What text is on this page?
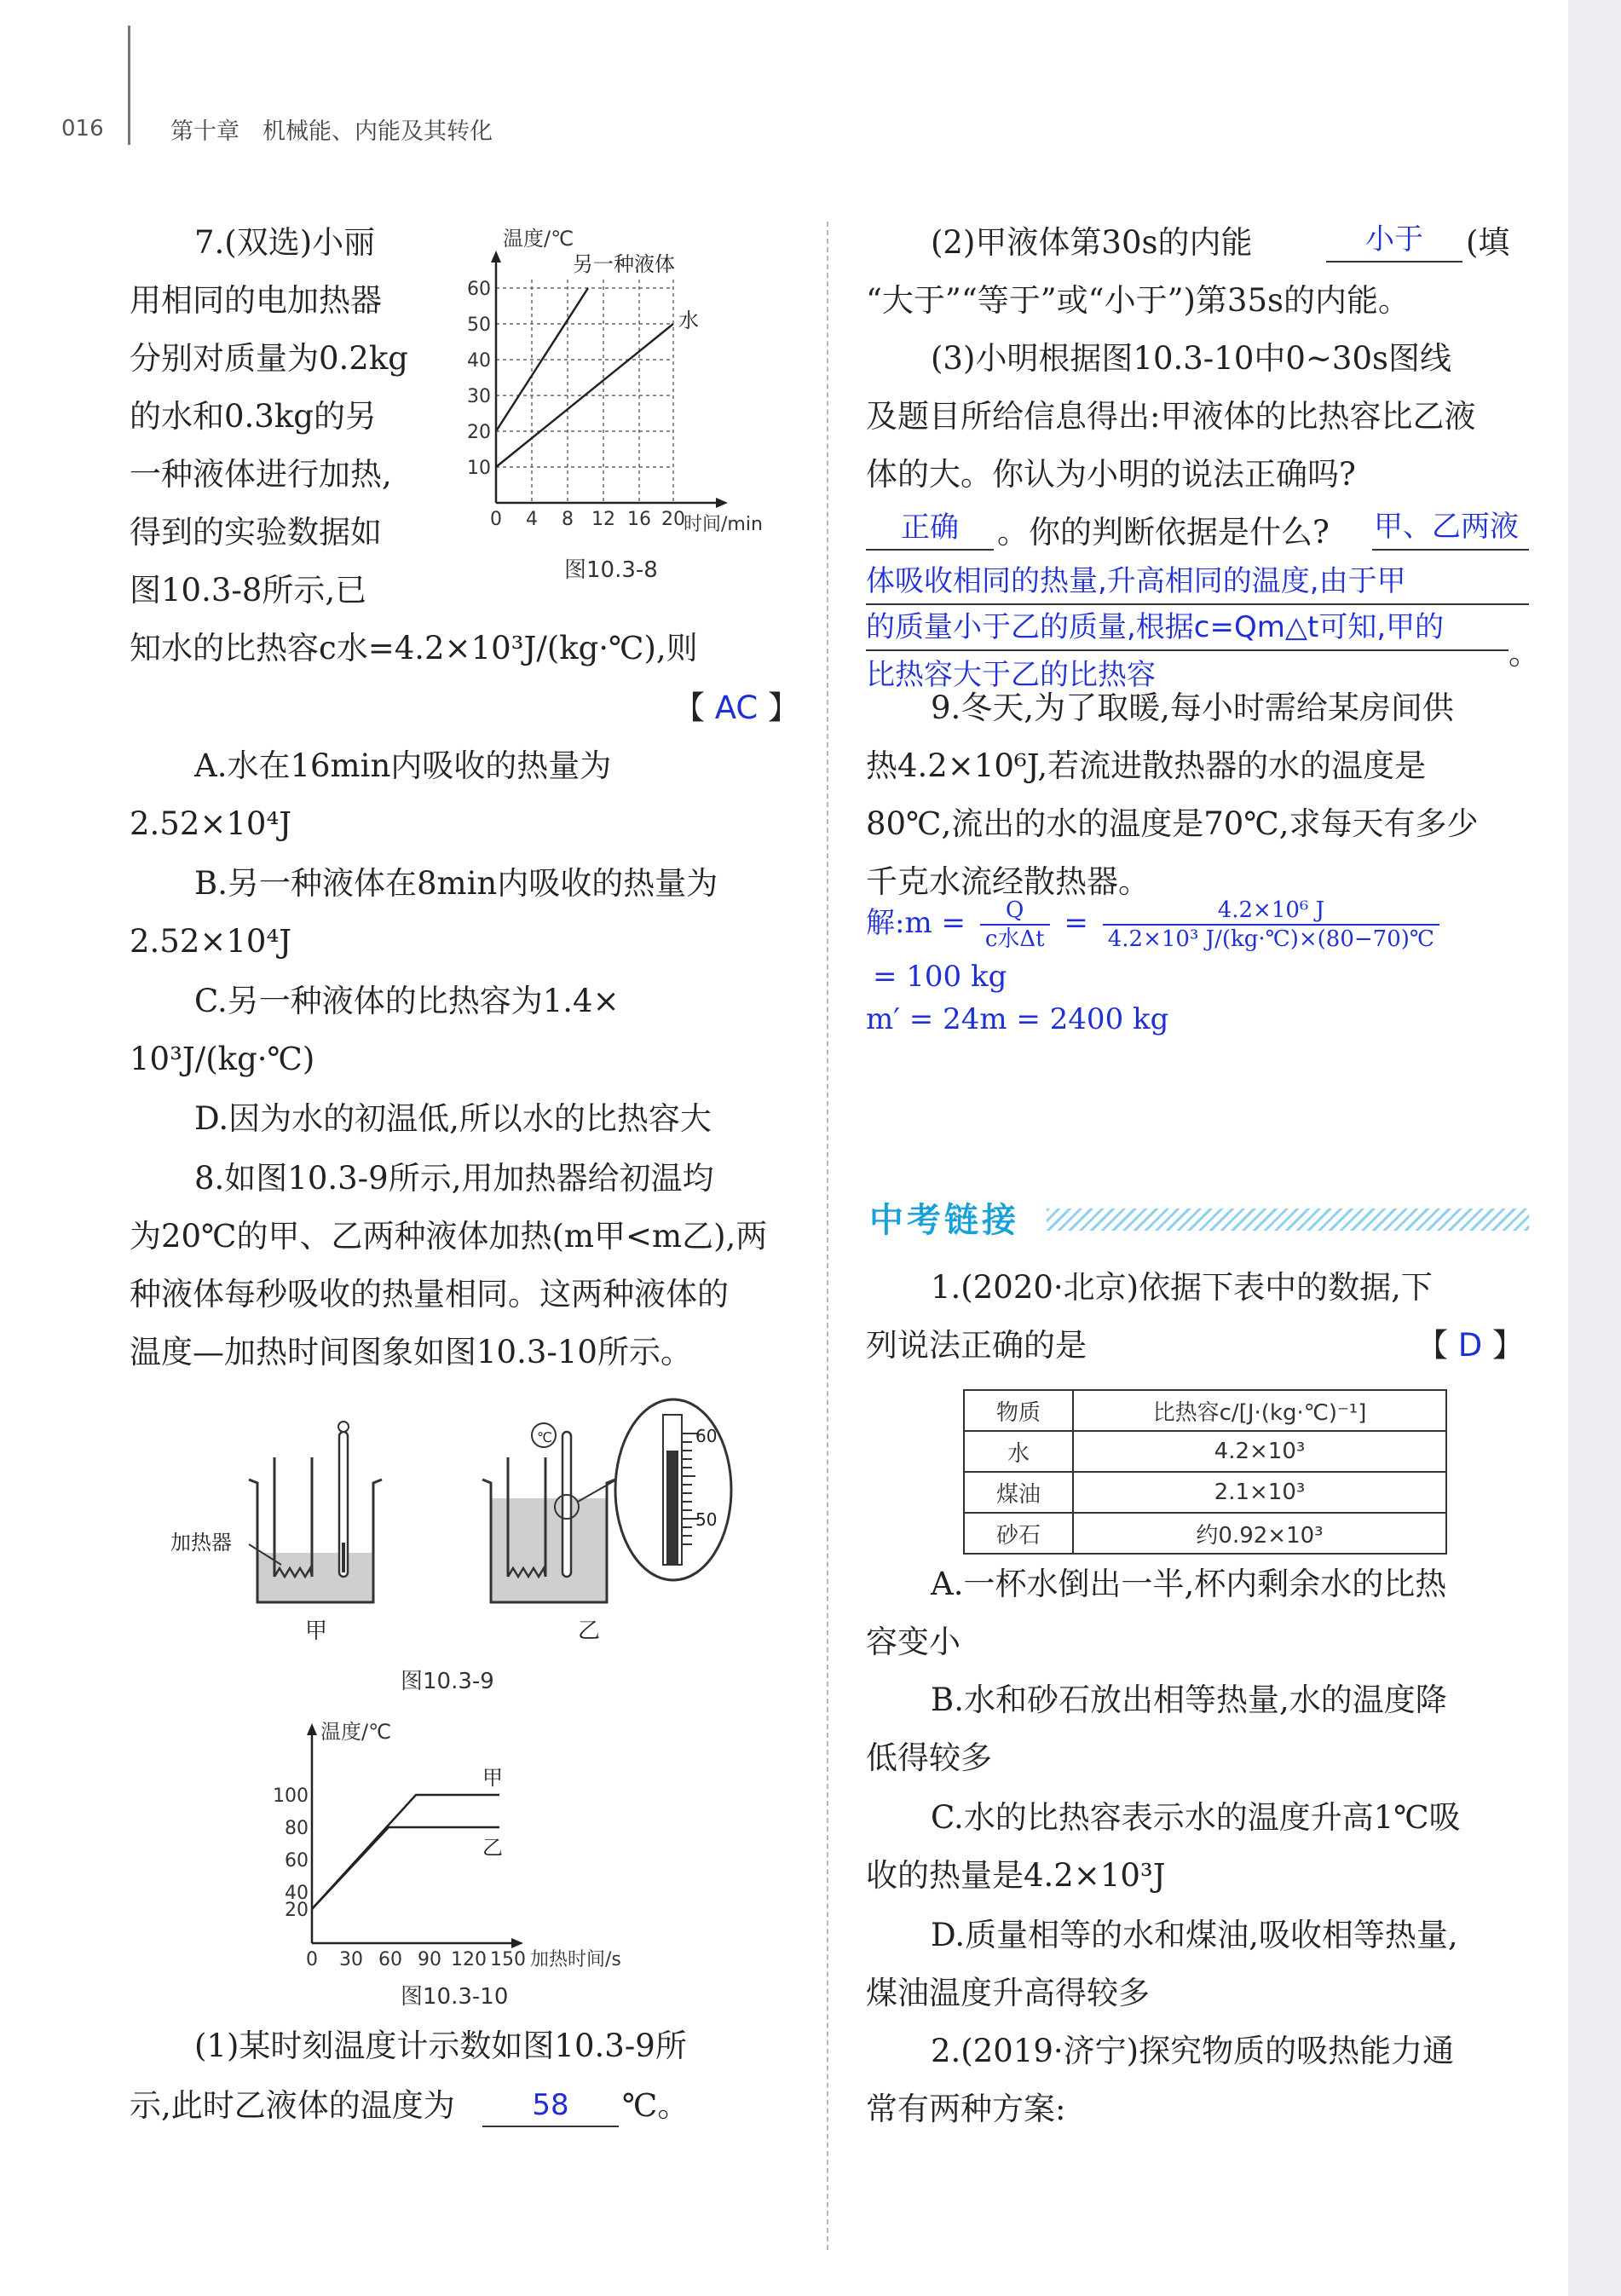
016	第十章　机械能、内能及其转化
7.(双选)小丽
用相同的电加热器
分别对质量为0.2kg
的水和0.3kg的另
一种液体进行加热,
得到的实验数据如
图10.3-8所示,已
知水的比热容c水=4.2×10³J/(kg·℃),则
【 AC 】
温度/℃
另一种液体
水
60
50
40
30
20
10
0 4 8 12 16 20
时间/min
图10.3-8
A.水在16min内吸收的热量为
2.52×10⁴J
B.另一种液体在8min内吸收的热量为
2.52×10⁴J
C.另一种液体的比热容为1.4×
10³J/(kg·℃)
D.因为水的初温低,所以水的比热容大
8.如图10.3-9所示,用加热器给初温均
为20℃的甲、乙两种液体加热(m甲<m乙),两
种液体每秒吸收的热量相同。这两种液体的
温度—加热时间图象如图10.3-10所示。
加热器
甲
℃
乙
60
50
图10.3-9
温度/℃
甲
乙
100
80
60
40
20
0 30 60 90 120 150 加热时间/s
图10.3-10
(1)某时刻温度计示数如图10.3-9所
示,此时乙液体的温度为	58	℃。
(2)甲液体第30s的内能	小于	(填
“大于”“等于”或“小于”)第35s的内能。
(3)小明根据图10.3-10中0~30s图线
及题目所给信息得出:甲液体的比热容比乙液
体的大。你认为小明的说法正确吗?
正确	。你的判断依据是什么? 甲、乙两液
体吸收相同的热量,升高相同的温度,由于甲
的质量小于乙的质量,根据c=Qm△t可知,甲的
。
比热容大于乙的比热容
9.冬天,为了取暖,每小时需给某房间供
热4.2×10⁶J,若流进散热器的水的温度是
80℃,流出的水的温度是70℃,求每天有多少
千克水流经散热器。
解:m = $\frac{Q}{\text{c水Δt}} = \frac{\text{4.2×10⁶ J}}{\text{4.2×10³ J/(kg·℃)×(80−70)℃}}$
= 100 kg
m′ = 24m = 2400 kg
中考链接
1.(2020·北京)依据下表中的数据,下
列说法正确的是	【 D 】
物质	比热容c/[J·(kg·℃)⁻¹]
水	4.2×10³
煤油	2.1×10³
砂石	约0.92×10³
A.一杯水倒出一半,杯内剩余水的比热
容变小
B.水和砂石放出相等热量,水的温度降
低得较多
C.水的比热容表示水的温度升高1℃吸
收的热量是4.2×10³J
D.质量相等的水和煤油,吸收相等热量,
煤油温度升高得较多
2.(2019·济宁)探究物质的吸热能力通
常有两种方案:
